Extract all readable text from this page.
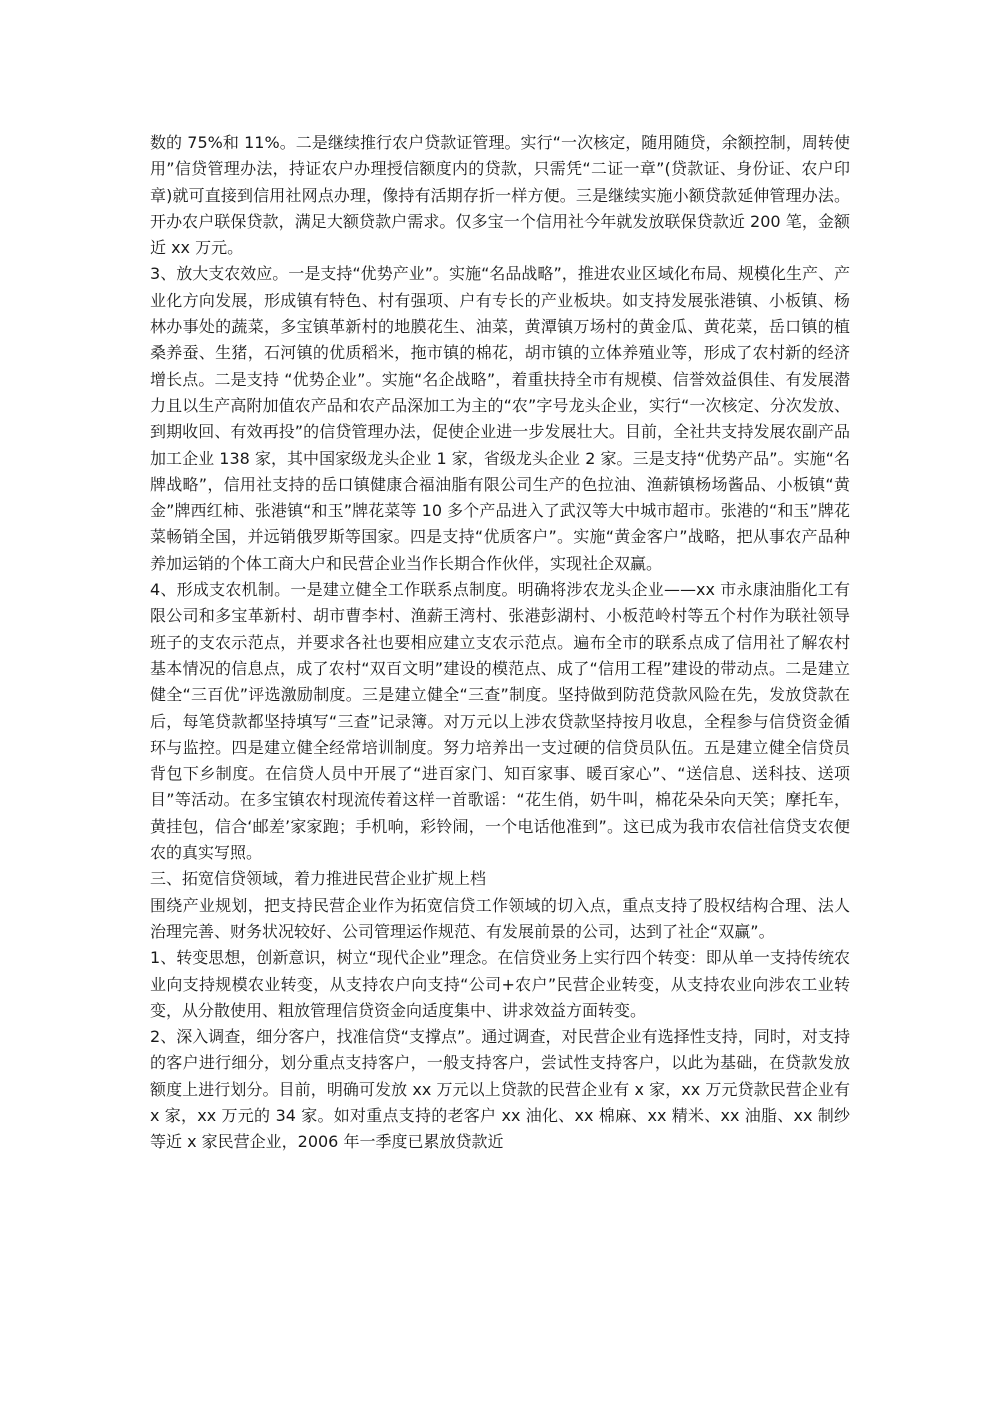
数的 75%和 11%。二是继续推行农户贷款证管理。实行“一次核定，随用随贷，余额控制，周转使用”信贷管理办法，持证农户办理授信额度内的贷款，只需凭“二证一章”(贷款证、身份证、农户印章)就可直接到信用社网点办理，像持有活期存折一样方便。三是继续实施小额贷款延伸管理办法。开办农户联保贷款，满足大额贷款户需求。仅多宝一个信用社今年就发放联保贷款近 200 笔，金额近 xx 万元。

3、放大支农效应。一是支持“优势产业”。实施“名品战略”，推进农业区域化布局、规模化生产、产业化方向发展，形成镇有特色、村有强项、户有专长的产业板块。如支持发展张港镇、小板镇、杨林办事处的蔬菜，多宝镇革新村的地膜花生、油菜，黄潭镇万场村的黄金瓜、黄花菜，岳口镇的植桑养蚕、生猪，石河镇的优质稻米，拖市镇的棉花，胡市镇的立体养殖业等，形成了农村新的经济增长点。二是支持 “优势企业”。实施“名企战略”，着重扶持全市有规模、信誉效益俱佳、有发展潜力且以生产高附加值农产品和农产品深加工为主的“农”字号龙头企业，实行“一次核定、分次发放、到期收回、有效再投”的信贷管理办法，促使企业进一步发展壮大。目前，全社共支持发展农副产品加工企业 138 家，其中国家级龙头企业 1 家，省级龙头企业 2 家。三是支持“优势产品”。实施“名牌战略”，信用社支持的岳口镇健康合福油脂有限公司生产的色拉油、渔薪镇杨场酱品、小板镇“黄金”牌西红柿、张港镇“和玉”牌花菜等 10 多个产品进入了武汉等大中城市超市。张港的“和玉”牌花菜畅销全国，并远销俄罗斯等国家。四是支持“优质客户”。实施“黄金客户”战略，把从事农产品种养加运销的个体工商大户和民营企业当作长期合作伙伴，实现社企双赢。

4、形成支农机制。一是建立健全工作联系点制度。明确将涉农龙头企业——xx 市永康油脂化工有限公司和多宝革新村、胡市曹李村、渔薪王湾村、张港彭湖村、小板范岭村等五个村作为联社领导班子的支农示范点，并要求各社也要相应建立支农示范点。遍布全市的联系点成了信用社了解农村基本情况的信息点，成了农村“双百文明”建设的模范点、成了“信用工程”建设的带动点。二是建立健全“三百优”评选激励制度。三是建立健全“三查”制度。坚持做到防范贷款风险在先，发放贷款在后，每笔贷款都坚持填写“三查”记录簿。对万元以上涉农贷款坚持按月收息，全程参与信贷资金循环与监控。四是建立健全经常培训制度。努力培养出一支过硬的信贷员队伍。五是建立健全信贷员背包下乡制度。在信贷人员中开展了“进百家门、知百家事、暖百家心”、“送信息、送科技、送项目”等活动。在多宝镇农村现流传着这样一首歌谣：“花生俏，奶牛叫，棉花朵朵向天笑；摩托车，黄挂包，信合‘邮差’家家跑；手机响，彩铃闹，一个电话他准到”。这已成为我市农信社信贷支农便农的真实写照。

三、拓宽信贷领域，着力推进民营企业扩规上档

围绕产业规划，把支持民营企业作为拓宽信贷工作领域的切入点，重点支持了股权结构合理、法人治理完善、财务状况较好、公司管理运作规范、有发展前景的公司，达到了社企“双赢”。

1、转变思想，创新意识，树立“现代企业”理念。在信贷业务上实行四个转变：即从单一支持传统农业向支持规模农业转变，从支持农户向支持“公司+农户”民营企业转变，从支持农业向涉农工业转变，从分散使用、粗放管理信贷资金向适度集中、讲求效益方面转变。

2、深入调查，细分客户，找准信贷“支撑点”。通过调查，对民营企业有选择性支持，同时，对支持的客户进行细分，划分重点支持客户，一般支持客户，尝试性支持客户，以此为基础，在贷款发放额度上进行划分。目前，明确可发放 xx 万元以上贷款的民营企业有 x 家，xx 万元贷款民营企业有 x 家，xx 万元的 34 家。如对重点支持的老客户 xx 油化、xx 棉麻、xx 精米、xx 油脂、xx 制纱等近 x 家民营企业，2006 年一季度已累放贷款近
